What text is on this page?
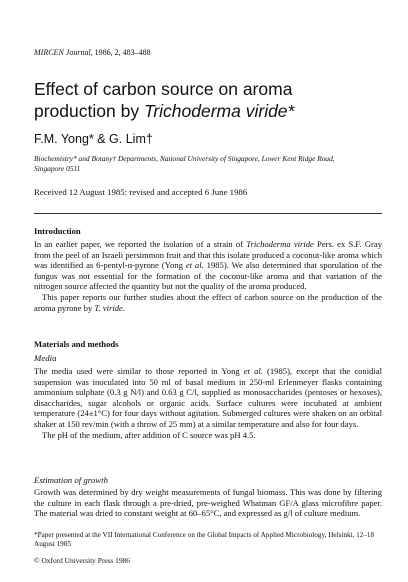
MIRCEN Journal, 1986, 2, 483–488
Effect of carbon source on aroma
production by Trichoderma viride*
F.M. Yong* & G. Lim†
Biochemistry* and Botany† Departments, National University of Singapore, Lower Kent Ridge Road,
Singapore 0511
Received 12 August 1985: revised and accepted 6 June 1986
Introduction
In an earlier paper, we reported the isolation of a strain of Trichoderma viride Pers. ex S.F. Gray from the peel of an Israeli persimmon fruit and that this isolate produced a coconut-like aroma which was identified as 6-pentyl-α-pyrone (Yong et al. 1985). We also determined that sporulation of the fungus was not essential for the formation of the coconut-like aroma and that variation of the nitrogen source affected the quantity but not the quality of the aroma produced.
This paper reports our further studies about the effect of carbon source on the production of the aroma pyrone by T. viride.
Materials and methods
Media
The media used were similar to those reported in Yong et al. (1985), except that the conidial suspension was inoculated into 50 ml of basal medium in 250-ml Erlenmeyer flasks containing ammonium sulphate (0.3 g N/l) and 0.63 g C/l, supplied as monosaccharides (pentoses or hexoses), disaccharides, sugar alcohols or organic acids. Surface cultures were incubated at ambient temperature (24±1°C) for four days without agitation. Submerged cultures were shaken on an orbital shaker at 150 rev/min (with a throw of 25 mm) at a similar temperature and also for four days.
The pH of the medium, after addition of C source was pH 4.5.
Estimation of growth
Growth was determined by dry weight measurements of fungal biomass. This was done by filtering the culture in each flask through a pre-dried, pre-weighed Whatman GF/A glass microfibre paper. The material was dried to constant weight at 60–65°C, and expressed as g/l of culture medium.
*Paper presented at the VII International Conference on the Global Impacts of Applied Microbiology, Helsinki, 12–18 August 1985
© Oxford University Press 1986
